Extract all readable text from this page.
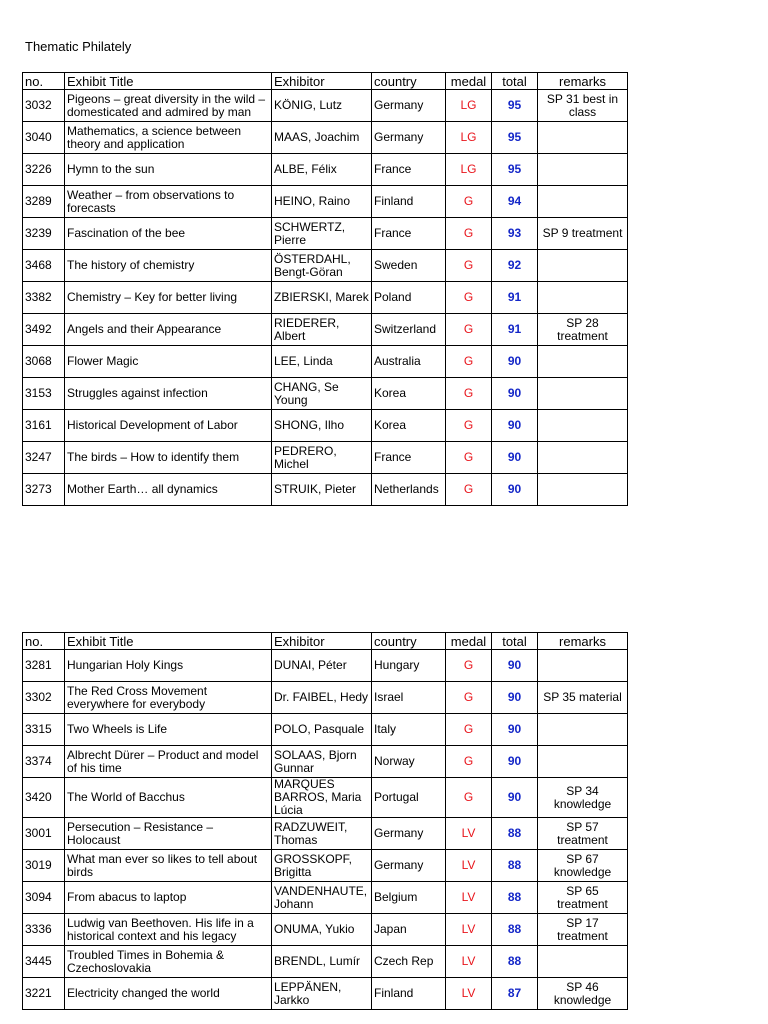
Thematic Philately
no.	Exhibit Title	Exhibitor	country	medal	total	remarks
3032	Pigeons – great diversity in the wild – domesticated and admired by man	KÖNIG, Lutz	Germany	LG	95	SP 31 best in class
3040	Mathematics, a science between theory and application	MAAS, Joachim	Germany	LG	95	
3226	Hymn to the sun	ALBE, Félix	France	LG	95	
3289	Weather – from observations to forecasts	HEINO, Raino	Finland	G	94	
3239	Fascination of the bee	SCHWERTZ, Pierre	France	G	93	SP 9 treatment
3468	The history of chemistry	ÖSTERDAHL, Bengt-Göran	Sweden	G	92	
3382	Chemistry – Key for better living	ZBIERSKI, Marek	Poland	G	91	
3492	Angels and their Appearance	RIEDERER, Albert	Switzerland	G	91	SP 28 treatment
3068	Flower Magic	LEE, Linda	Australia	G	90	
3153	Struggles against infection	CHANG, Se Young	Korea	G	90	
3161	Historical Development of Labor	SHONG, Ilho	Korea	G	90	
3247	The birds – How to identify them	PEDRERO, Michel	France	G	90	
3273	Mother Earth… all dynamics	STRUIK, Pieter	Netherlands	G	90	
no.	Exhibit Title	Exhibitor	country	medal	total	remarks
3281	Hungarian Holy Kings	DUNAI, Péter	Hungary	G	90	
3302	The Red Cross Movement everywhere for everybody	Dr. FAIBEL, Hedy	Israel	G	90	SP 35 material
3315	Two Wheels is Life	POLO, Pasquale	Italy	G	90	
3374	Albrecht Dürer – Product and model of his time	SOLAAS, Bjorn Gunnar	Norway	G	90	
3420	The World of Bacchus	MARQUES BARROS, Maria Lúcia	Portugal	G	90	SP 34 knowledge
3001	Persecution – Resistance – Holocaust	RADZUWEIT, Thomas	Germany	LV	88	SP 57 treatment
3019	What man ever so likes to tell about birds	GROSSKOPF, Brigitta	Germany	LV	88	SP 67 knowledge
3094	From abacus to laptop	VANDENHAUTE, Johann	Belgium	LV	88	SP 65 treatment
3336	Ludwig van Beethoven. His life in a historical context and his legacy	ONUMA, Yukio	Japan	LV	88	SP 17 treatment
3445	Troubled Times in Bohemia & Czechoslovakia	BRENDL, Lumír	Czech Rep	LV	88	
3221	Electricity changed the world	LEPPÄNEN, Jarkko	Finland	LV	87	SP 46 knowledge
